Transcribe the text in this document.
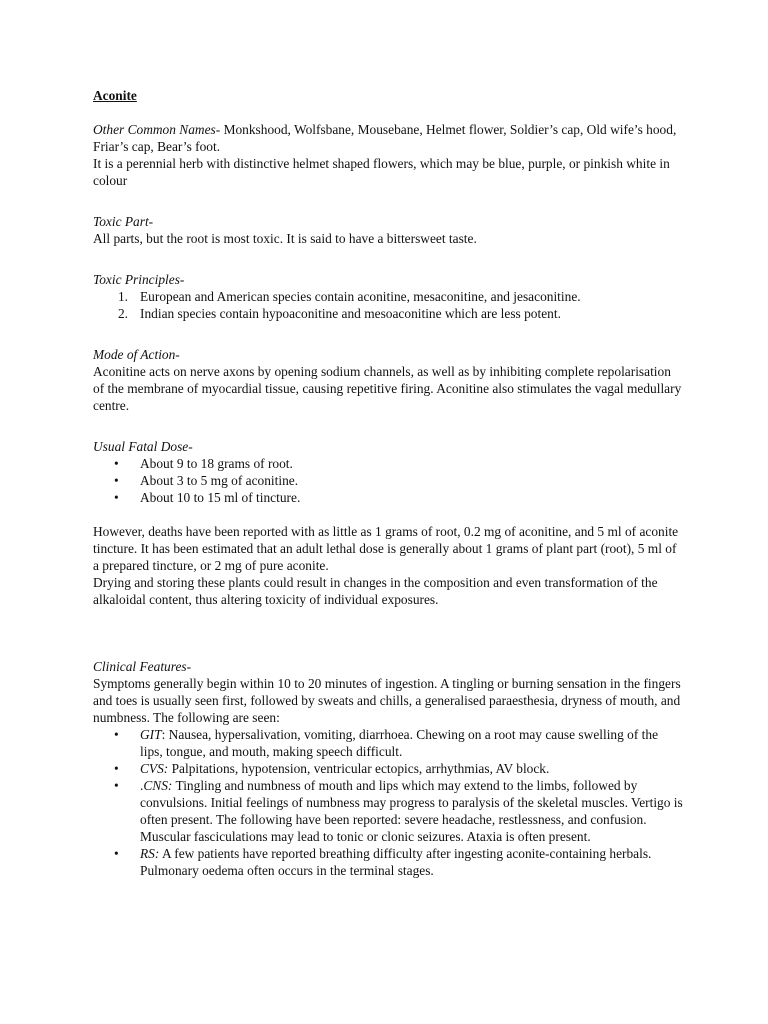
Aconite

Other Common Names- Monkshood, Wolfsbane, Mousebane, Helmet flower, Soldier’s cap, Old wife’s hood, Friar’s cap, Bear’s foot.

It is a perennial herb with distinctive helmet shaped flowers, which may be blue, purple, or pinkish white in colour

Toxic Part-

All parts, but the root is most toxic. It is said to have a bittersweet taste.

Toxic Principles-

1. European and American species contain aconitine, mesaconitine, and jesaconitine.
2. Indian species contain hypoaconitine and mesoaconitine which are less potent.

Mode of Action-

Aconitine acts on nerve axons by opening sodium channels, as well as by inhibiting complete repolarisation of the membrane of myocardial tissue, causing repetitive firing. Aconitine also stimulates the vagal medullary centre.

Usual Fatal Dose-

•
About 9 to 18 grams of root.
•
About 3 to 5 mg of aconitine.
•
About 10 to 15 ml of tincture.

However, deaths have been reported with as little as 1 grams of root, 0.2 mg of aconitine, and 5 ml of aconite tincture. It has been estimated that an adult lethal dose is generally about 1 grams of plant part (root), 5 ml of a prepared tincture, or 2 mg of pure aconite.

Drying and storing these plants could result in changes in the composition and even transformation of the alkaloidal content, thus altering toxicity of individual exposures.

Clinical Features-

Symptoms generally begin within 10 to 20 minutes of ingestion. A tingling or burning sensation in the fingers and toes is usually seen first, followed by sweats and chills, a generalised paraesthesia, dryness of mouth, and numbness. The following are seen:

•
GIT: Nausea, hypersalivation, vomiting, diarrhoea. Chewing on a root may cause swelling of the lips, tongue, and mouth, making speech difficult.
•
CVS: Palpitations, hypotension, ventricular ectopics, arrhythmias, AV block.
•
.CNS: Tingling and numbness of mouth and lips which may extend to the limbs, followed by convulsions. Initial feelings of numbness may progress to paralysis of the skeletal muscles. Vertigo is often present. The following have been reported: severe headache, restlessness, and confusion. Muscular fasciculations may lead to tonic or clonic seizures. Ataxia is often present.
•
RS: A few patients have reported breathing difficulty after ingesting aconite-containing herbals. Pulmonary oedema often occurs in the terminal stages.
